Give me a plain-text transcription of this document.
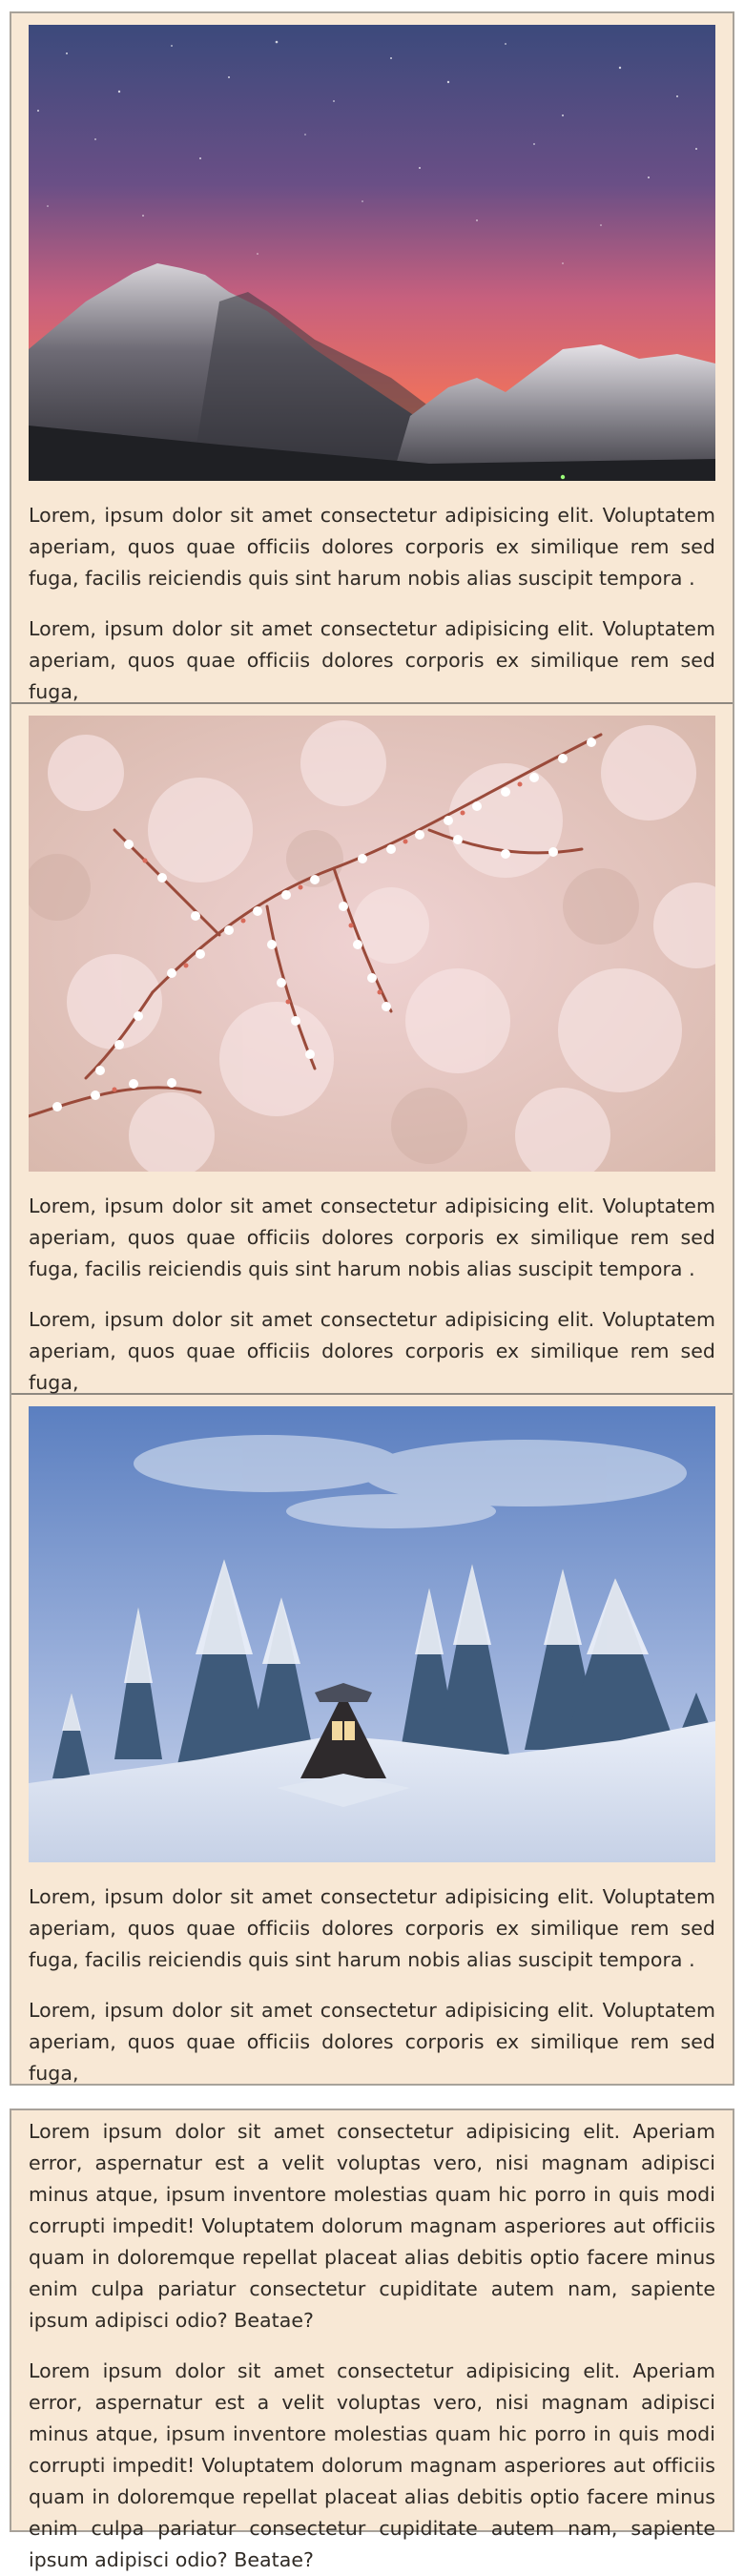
Lorem, ipsum dolor sit amet consectetur adipisicing elit. Voluptatem aperiam, quos quae officiis dolores corporis ex similique rem sed fuga, facilis reiciendis quis sint harum nobis alias suscipit tempora .

Lorem, ipsum dolor sit amet consectetur adipisicing elit. Voluptatem aperiam, quos quae officiis dolores corporis ex similique rem sed fuga,

Lorem, ipsum dolor sit amet consectetur adipisicing elit. Voluptatem aperiam, quos quae officiis dolores corporis ex similique rem sed fuga, facilis reiciendis quis sint harum nobis alias suscipit tempora .

Lorem, ipsum dolor sit amet consectetur adipisicing elit. Voluptatem aperiam, quos quae officiis dolores corporis ex similique rem sed fuga,

Lorem, ipsum dolor sit amet consectetur adipisicing elit. Voluptatem aperiam, quos quae officiis dolores corporis ex similique rem sed fuga, facilis reiciendis quis sint harum nobis alias suscipit tempora .

Lorem, ipsum dolor sit amet consectetur adipisicing elit. Voluptatem aperiam, quos quae officiis dolores corporis ex similique rem sed fuga,

Lorem ipsum dolor sit amet consectetur adipisicing elit. Aperiam error, aspernatur est a velit voluptas vero, nisi magnam adipisci minus atque, ipsum inventore molestias quam hic porro in quis modi corrupti impedit! Voluptatem dolorum magnam asperiores aut officiis quam in doloremque repellat placeat alias debitis optio facere minus enim culpa pariatur consectetur cupiditate autem nam, sapiente ipsum adipisci odio? Beatae?

Lorem ipsum dolor sit amet consectetur adipisicing elit. Aperiam error, aspernatur est a velit voluptas vero, nisi magnam adipisci minus atque, ipsum inventore molestias quam hic porro in quis modi corrupti impedit! Voluptatem dolorum magnam asperiores aut officiis quam in doloremque repellat placeat alias debitis optio facere minus enim culpa pariatur consectetur cupiditate autem nam, sapiente ipsum adipisci odio? Beatae?
